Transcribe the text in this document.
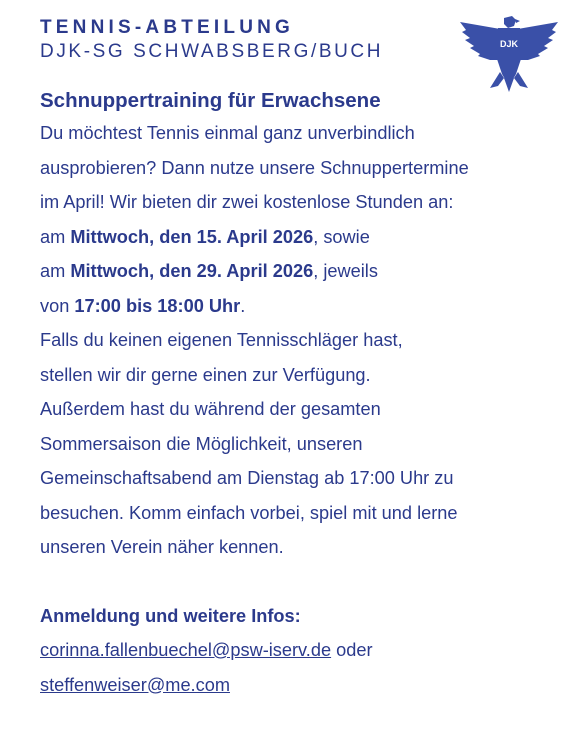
TENNIS-ABTEILUNG
DJK-SG SCHWABSBERG/BUCH	DJK
Schnuppertraining für Erwachsene
Du möchtest Tennis einmal ganz unverbindlich
ausprobieren? Dann nutze unsere Schnuppertermine
im April! Wir bieten dir zwei kostenlose Stunden an:
am Mittwoch, den 15. April 2026, sowie
am Mittwoch, den 29. April 2026, jeweils
von 17:00 bis 18:00 Uhr.
Falls du keinen eigenen Tennisschläger hast,
stellen wir dir gerne einen zur Verfügung.
Außerdem hast du während der gesamten
Sommersaison die Möglichkeit, unseren
Gemeinschaftsabend am Dienstag ab 17:00 Uhr zu
besuchen. Komm einfach vorbei, spiel mit und lerne
unseren Verein näher kennen.
Anmeldung und weitere Infos:
corinna.fallenbuechel@psw-iserv.de oder
steffenweiser@me.com
